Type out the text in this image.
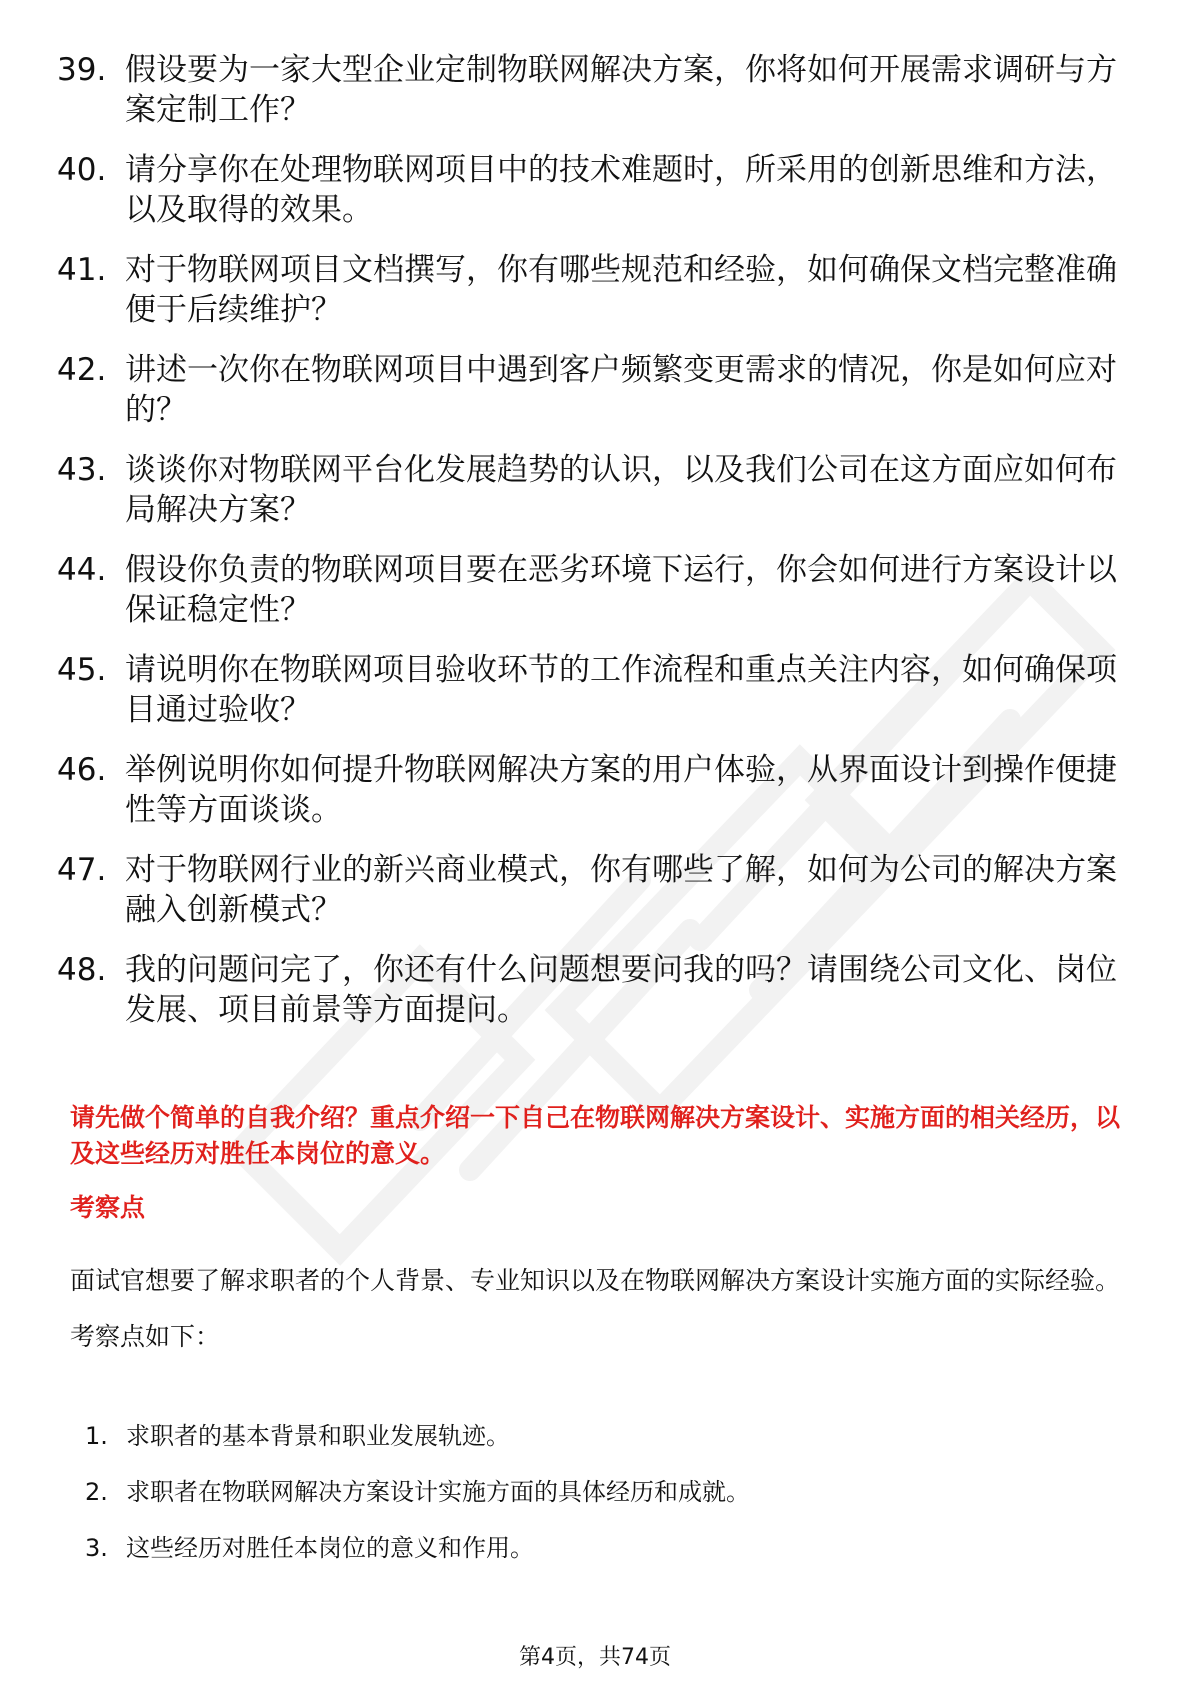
39. 假设要为一家大型企业定制物联网解决方案，你将如何开展需求调研与方案定制工作？
40. 请分享你在处理物联网项目中的技术难题时，所采用的创新思维和方法，以及取得的效果。
41. 对于物联网项目文档撰写，你有哪些规范和经验，如何确保文档完整准确便于后续维护？
42. 讲述一次你在物联网项目中遇到客户频繁变更需求的情况，你是如何应对的？
43. 谈谈你对物联网平台化发展趋势的认识，以及我们公司在这方面应如何布局解决方案？
44. 假设你负责的物联网项目要在恶劣环境下运行，你会如何进行方案设计以保证稳定性？
45. 请说明你在物联网项目验收环节的工作流程和重点关注内容，如何确保项目通过验收？
46. 举例说明你如何提升物联网解决方案的用户体验，从界面设计到操作便捷性等方面谈谈。
47. 对于物联网行业的新兴商业模式，你有哪些了解，如何为公司的解决方案融入创新模式？
48. 我的问题问完了，你还有什么问题想要问我的吗？请围绕公司文化、岗位发展、项目前景等方面提问。
请先做个简单的自我介绍？重点介绍一下自己在物联网解决方案设计、实施方面的相关经历，以及这些经历对胜任本岗位的意义。
考察点
面试官想要了解求职者的个人背景、专业知识以及在物联网解决方案设计实施方面的实际经验。考察点如下：
1. 求职者的基本背景和职业发展轨迹。
2. 求职者在物联网解决方案设计实施方面的具体经历和成就。
3. 这些经历对胜任本岗位的意义和作用。
第4页，共74页
